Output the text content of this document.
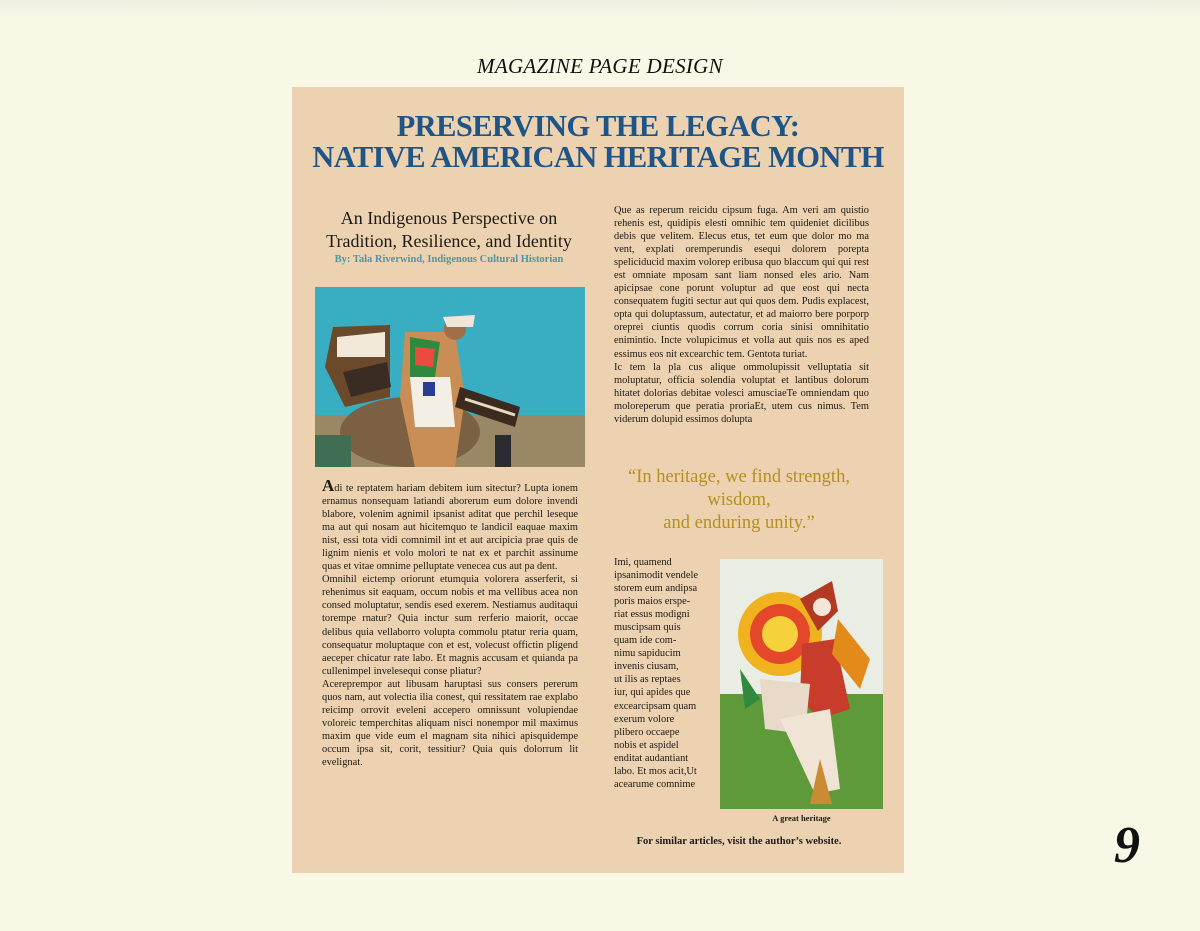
MAGAZINE PAGE DESIGN
PRESERVING THE LEGACY:
NATIVE AMERICAN HERITAGE MONTH
An Indigenous Perspective on
Tradition, Resilience, and Identity
By: Tala Riverwind, Indigenous Cultural Historian

Adi te reptatem hariam debitem ium sitectur? Lupta ionem ernamus nonsequam latiandi aborerum eum dolore invendi blabore, volenim agnimil ipsanist aditat que perchil leseque ma aut qui nosam aut hicitemquo te landicil eaquae maxim nist, essi tota vidi comnimil int et aut arcipicia prae quis de lignim nienis et volo molori te nat ex et parchit assinume quas et vitae omnime pelluptate venecea cus aut pa dent.

Omnihil eictemp oriorunt etumquia volorera asserferit, si rehenimus sit eaquam, occum nobis et ma vellibus acea non consed moluptatur, sendis esed exerem. Nestiamus auditaqui torempe rnatur? Quia inctur sum rerferio maiorit, occae delibus quia vellaborro volupta commolu ptatur reria quam, consequatur moluptaque con et est, volecust offictin pligend aeceper chicatur rate labo. Et magnis accusam et quianda pa cullenimpel invelesequi conse pliatur?

Acereprempor aut libusam haruptasi sus consers pererum quos nam, aut volectia ilia conest, qui ressitatem rae explabo reicimp orrovit eveleni accepero omnissunt volupiendae voloreic temperchitas aliquam nisci nonempor mil maximus maxim que vide eum el magnam sita nihici apisquidempe occum ipsa sit, corit, tessitiur? Quia quis dolorrum lit evelignat.

Que as reperum reicidu cipsum fuga. Am veri am quistio rehenis est, quidipis elesti omnihic tem quideniet dicilibus debis que velitem. Elecus etus, tet eum que dolor mo ma vent, explati oremperundis esequi dolorem porepta speliciducid maxim volorep eribusa quo blaccum qui qui rest est omniate mposam sant liam nonsed eles ario. Nam apicipsae cone porunt voluptur ad que eost qui necta consequatem fugiti sectur aut qui quos dem. Pudis explacest, opta qui doluptassum, autectatur, et ad maiorro bere porporp oreprei ciuntis quodis corrum coria sinisi omnihitatio enimintio. Incte volupicimus et volla aut quis nos es aped essimus eos nit excearchic tem. Gentota turiat.

Ic tem la pla cus alique ommolupissit velluptatia sit moluptatur, officia solendia voluptat et lantibus dolorum hitatet dolorias debitae volesci amusciaeTe omniendam quo moloreperum que peratia proriaEt, utem cus nimus. Tem viderum dolupid essimos dolupta

“In heritage, we find strength,
wisdom,
and enduring unity.”
Imi, quamend
ipsanimodit vendele
storem eum andipsa
poris maios erspe-
riat essus modigni
muscipsam quis
quam ide com-
nimu sapiducim
invenis ciusam,
ut ilis as reptaes
iur, qui apides que
excearcipsam quam
exerum volore
plibero occaepe
nobis et aspidel
enditat audantiant
labo. Et mos acit,Ut
acearume comnime
A great heritage
For similar articles, visit the author’s website.	9
